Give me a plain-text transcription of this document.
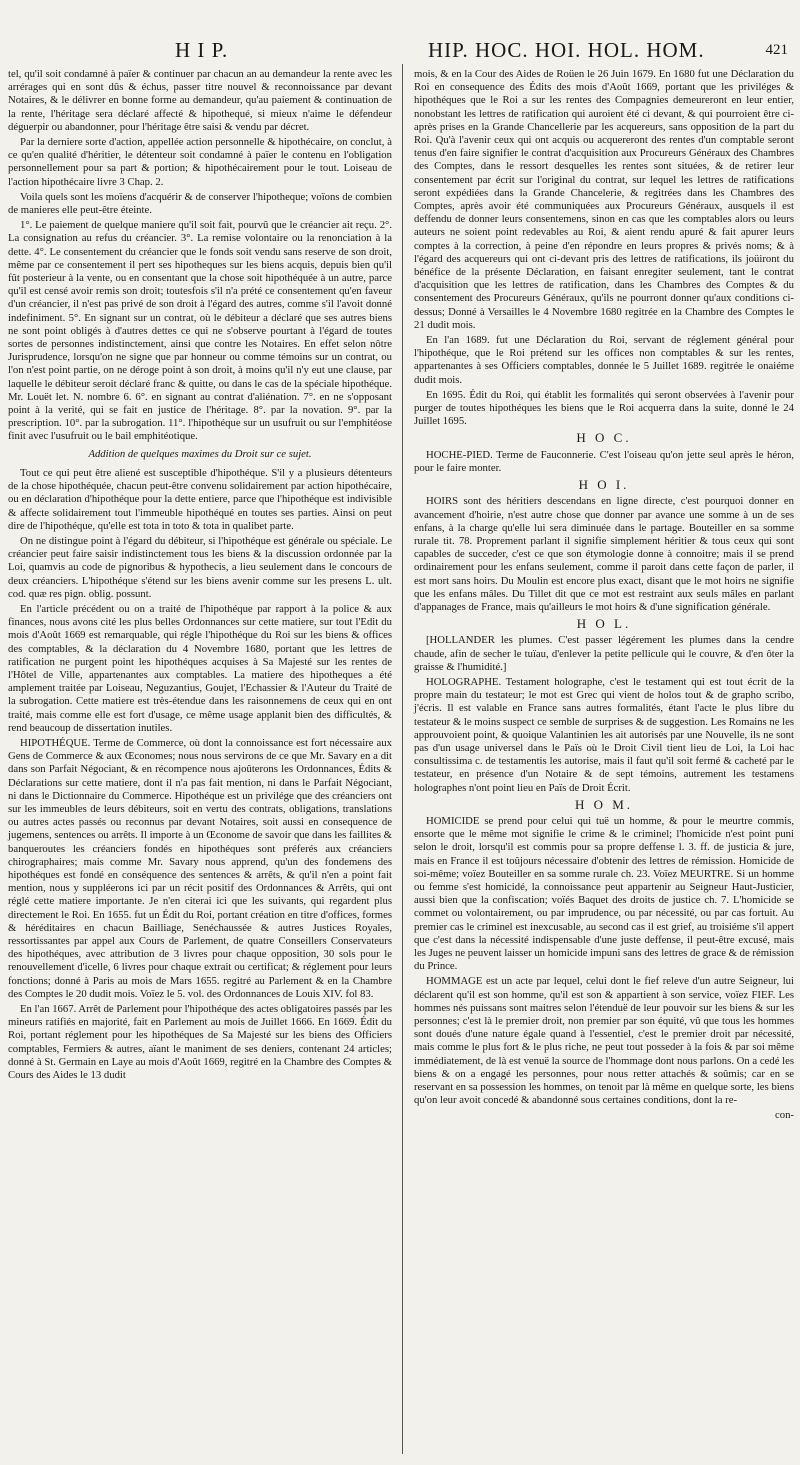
H I P.	HIP. HOC. HOI. HOL. HOM.	421

tel, qu'il soit condamné à païer & continuer par chacun an au demandeur la rente avec les arrérages qui en sont dûs & échus, passer titre nouvel & reconnoissance par devant Notaires, & le délivrer en bonne forme au demandeur, qu'au paiement & continuation de la rente, l'héritage sera déclaré affecté & hipothequé, si mieux n'aime le défendeur déguerpir ou abandonner, pour l'héritage être saisi & vendu par décret.

Par la derniere sorte d'action, appellée action personnelle & hipothécaire, on conclut, à ce qu'en qualité d'héritier, le détenteur soit condamné à païer le contenu en l'obligation personnellement pour sa part & portion; & hipothécairement pour le tout. Loiseau de l'action hipothécaire livre 3 Chap. 2.

Voila quels sont les moïens d'acquérir & de conserver l'hipotheque; voïons de combien de manieres elle peut-être éteinte.

1°. Le paiement de quelque maniere qu'il soit fait, pourvû que le créancier ait reçu. 2°. La consignation au refus du créancier. 3°. La remise volontaire ou la renonciation à la dette. 4°. Le consentement du créancier que le fonds soit vendu sans reserve de son droit, même par ce consentement il pert ses hipotheques sur les biens acquis, depuis bien qu'il fût posterieur à la vente, ou en consentant que la chose soit hipothéquée à un autre, parce qu'il est censé avoir remis son droit; toutesfois s'il n'a prété ce consentement qu'en faveur d'un créancier, il n'est pas privé de son droit à l'égard des autres, comme s'il l'avoit donné indefiniment. 5°. En signant sur un contrat, où le débiteur a déclaré que ses autres biens ne sont point obligés à d'autres dettes ce qui ne s'observe pourtant à l'égard de toutes sortes de personnes indistinctement, ainsi que contre les Notaires. En effet selon nôtre Jurisprudence, lorsqu'on ne signe que par honneur ou comme témoins sur un contrat, ou l'on n'est point partie, on ne déroge point à son droit, à moins qu'il n'y eut une clause, par laquelle le débiteur seroit déclaré franc & quitte, ou dans le cas de la spéciale hipothéque. Mr. Louët let. N. nombre 6. 6°. en signant au contrat d'aliénation. 7°. en ne s'opposant point à la verité, qui se fait en justice de l'héritage. 8°. par la novation. 9°. par la prescription. 10°. par la subrogation. 11°. l'hipothéque sur un usufruit ou sur l'emphitéose finit avec l'usufruit ou le bail emphitéotique.

Addition de quelques maximes du Droit sur ce sujet.

Tout ce qui peut être aliené est susceptible d'hipothéque. S'il y a plusieurs détenteurs de la chose hipothéquée, chacun peut-être convenu solidairement par action hipothécaire, ou en déclaration d'hipothéque pour la dette entiere, parce que l'hipothéque est indivisible & affecte solidairement tout l'immeuble hipothéqué en toutes ses parties. Ainsi on peut dire de l'hipothéque, qu'elle est tota in toto & tota in qualibet parte.

On ne distingue point à l'égard du débiteur, si l'hipothéque est générale ou spéciale. Le créancier peut faire saisir indistinctement tous les biens & la discussion ordonnée par la Loi, quamvis au code de pignoribus & hypothecis, a lieu seulement dans le concours de deux créanciers. L'hipothéque s'étend sur les biens avenir comme sur les presens L. ult. cod. quæ res pign. oblig. possunt.

En l'article précédent ou on a traité de l'hipothéque par rapport à la police & aux finances, nous avons cité les plus belles Ordonnances sur cette matiere, sur tout l'Edit du mois d'Août 1669 est remarquable, qui régle l'hipothéque du Roi sur les biens & offices des comptables, & la déclaration du 4 Novembre 1680, portant que les lettres de ratification ne purgent point les hipothéques acquises à Sa Majesté sur les rentes de l'Hôtel de Ville, appartenantes aux comptables. La matiere des hipotheques a été amplement traitée par Loiseau, Neguzantius, Goujet, l'Echassier & l'Auteur du Traité de la subrogation. Cette matiere est très-étendue dans les raisonnemens de ceux qui en ont traité, mais comme elle est fort d'usage, ce même usage applanit bien des difficultés, & rend beaucoup de dissertation inutiles.

HIPOTHÉQUE. Terme de Commerce, où dont la connoissance est fort nécessaire aux Gens de Commerce & aux Œconomes; nous nous servirons de ce que Mr. Savary en a dit dans son Parfait Négociant, & en récompence nous ajoûterons les Ordonnances, Édits & Déclarations sur cette matiere, dont il n'a pas fait mention, ni dans le Parfait Négociant, ni dans le Dictionnaire du Commerce. Hipothéque est un privilége que des créanciers ont sur les immeubles de leurs débiteurs, soit en vertu des contrats, obligations, translations ou autres actes passés ou reconnus par devant Notaires, soit aussi en consequence de jugemens, sentences ou arrêts. Il importe à un Œconome de savoir que dans les faillites & banqueroutes les créanciers fondés en hipothéques sont préferés aux créanciers chirographaires; mais comme Mr. Savary nous apprend, qu'un des fondemens des hipothéques est fondé en conséquence des sentences & arrêts, & qu'il n'en a point fait mention, nous y suppléerons ici par un récit positif des Ordonnances & Arrêts, qui ont réglé cette matiere importante. Je n'en citerai ici que les suivants, qui regardent plus directement le Roi. En 1655. fut un Édit du Roi, portant création en titre d'offices, formes & héréditaires en chacun Bailliage, Senéchaussée & autres Justices Royales, ressortissantes par appel aux Cours de Parlement, de quatre Conseillers Conservateurs des hipothéques, avec attribution de 3 livres pour chaque opposition, 30 sols pour le renouvellement d'icelle, 6 livres pour chaque extrait ou certificat; & réglement pour leurs fonctions; donné à Paris au mois de Mars 1655. regitré au Parlement & en la Chambre des Comptes le 20 dudit mois. Voïez le 5. vol. des Ordonnances de Louis XIV. fol 83.

En l'an 1667. Arrêt de Parlement pour l'hipothéque des actes obligatoires passés par les mineurs ratifiés en majorité, fait en Parlement au mois de Juillet 1666. En 1669. Édit du Roi, portant réglement pour les hipothéques de Sa Majesté sur les biens des Officiers comptables, Fermiers & autres, aïant le maniment de ses deniers, contenant 24 articles; donné à St. Germain en Laye au mois d'Août 1669, regitré en la Chambre des Comptes & Cours des Aides le 13 dudit

mois, & en la Cour des Aides de Roüen le 26 Juin 1679. En 1680 fut une Déclaration du Roi en consequence des Édits des mois d'Août 1669, portant que les priviléges & hipothéques que le Roi a sur les rentes des Compagnies demeureront en leur entier, nonobstant les lettres de ratification qui auroient été ci devant, & qui pourroient être ci-après prises en la Grande Chancellerie par les acquereurs, sans opposition de la part du Roi. Qu'à l'avenir ceux qui ont acquis ou acquereront des rentes d'un comptable seront tenus d'en faire signifier le contrat d'acquisition aux Procureurs Généraux des Chambres des Comptes, dans le ressort desquelles les rentes sont situées, & de retirer leur consentement par écrit sur l'original du contrat, sur lequel les lettres de ratifications seront expédiées dans la Grande Chancelerie, & regitrées dans les Chambres des Comptes, après avoir été communiquées aux Procureurs Généraux, ausquels il est deffendu de donner leurs consentemens, sinon en cas que les comptables alors ou leurs auteurs ne soient point redevables au Roi, & aient rendu apuré & fait apurer leurs comptes à la correction, à peine d'en répondre en leurs propres & privés noms; & à l'égard des acquereurs qui ont ci-devant pris des lettres de ratifications, ils joüiront du bénéfice de la présente Déclaration, en faisant enregiter seulement, tant le contrat d'acquisition que les lettres de ratification, dans les Chambres des Comptes & du consentement des Procureurs Généraux, qu'ils ne pourront donner qu'aux conditions ci-dessus; Donné à Versailles le 4 Novembre 1680 regitrée en la Chambre des Comptes le 21 dudit mois.

En l'an 1689. fut une Déclaration du Roi, servant de réglement général pour l'hipothéque, que le Roi prétend sur les offices non comptables & sur les rentes, appartenantes à ses Officiers comptables, donnée le 5 Juillet 1689. regitrée le onaiéme dudit mois.

En 1695. Édit du Roi, qui établit les formalités qui seront observées à l'avenir pour purger de toutes hipothéques les biens que le Roi acquerra dans la suite, donné le 24 Juillet 1695.

H O C.

HOCHE-PIED. Terme de Fauconnerie. C'est l'oiseau qu'on jette seul après le héron, pour le faire monter.

H O I.

HOIRS sont des héritiers descendans en ligne directe, c'est pourquoi donner en avancement d'hoirie, n'est autre chose que donner par avance une somme à un de ses enfans, à la charge qu'elle lui sera diminuée dans le partage. Bouteiller en sa somme rurale tit. 78. Proprement parlant il signifie simplement héritier & tous ceux qui sont capables de succeder, c'est ce que son étymologie donne à connoitre; mais il se prend ordinairement pour les enfans seulement, comme il paroit dans cette façon de parler, il est mort sans hoirs. Du Moulin est encore plus exact, disant que le mot hoirs ne signifie que les enfans mâles. Du Tillet dit que ce mot est restraint aux seuls mâles en parlant d'appanages de France, mais qu'ailleurs le mot hoirs & d'une signification générale.

H O L.

[HOLLANDER les plumes. C'est passer légérement les plumes dans la cendre chaude, afin de secher le tuïau, d'enlever la petite pellicule qui le couvre, & d'en ôter la graisse & l'humidité.]

HOLOGRAPHE. Testament holographe, c'est le testament qui est tout écrit de la propre main du testateur; le mot est Grec qui vient de holos tout & de grapho scribo, j'écris. Il est valable en France sans autres formalités, étant l'acte le plus libre du testateur & le moins suspect ce semble de surprises & de suggestion. Les Romains ne les approuvoient point, & quoique Valantinien les ait autorisés par une Nouvelle, ils ne sont pas d'un usage universel dans le Païs où le Droit Civil tient lieu de Loi, la Loi hac consultissima c. de testamentis les autorise, mais il faut qu'il soit fermé & cacheté par le testateur, en présence d'un Notaire & de sept témoins, autrement les testamens holographes n'ont point lieu en Païs de Droit Écrit.

H O M.

HOMICIDE se prend pour celui qui tuë un homme, & pour le meurtre commis, ensorte que le même mot signifie le crime & le criminel; l'homicide n'est point puni selon le droit, lorsqu'il est commis pour sa propre deffense l. 3. ff. de justicia & jure, mais en France il est toûjours nécessaire d'obtenir des lettres de rémission. Homicide de soi-même; voïez Bouteiller en sa somme rurale ch. 23. Voïez MEURTRE. Si un homme ou femme s'est homicidé, la connoissance peut appartenir au Seigneur Haut-Justicier, aussi bien que la confiscation; voïés Baquet des droits de justice ch. 7. L'homicide se commet ou volontairement, ou par imprudence, ou par nécessité, ou par cas fortuit. Au premier cas le criminel est inexcusable, au second cas il est grief, au troisiéme s'il appert que c'est dans la nécessité indispensable d'une juste deffense, il peut-être excusé, mais les Juges ne peuvent laisser un homicide impuni sans des lettres de grace & de rémission du Prince.

HOMMAGE est un acte par lequel, celui dont le fief releve d'un autre Seigneur, lui déclarent qu'il est son homme, qu'il est son & appartient à son service, voïez FIEF. Les hommes nés puissans sont maitres selon l'étenduë de leur pouvoir sur les biens & sur les personnes; c'est là le premier droit, non premier par son équité, vû que tous les hommes sont doués d'une nature égale quand à l'essentiel, c'est le premier droit par nécessité, mais comme le plus fort & le plus riche, ne peut tout posseder à la fois & par soi même immédiatement, de là est venuë la source de l'hommage dont nous parlons. On a cedé les biens & on a engagé les personnes, pour nous retter attachés & soûmis; car en se reservant en sa possession les hommes, on tenoit par là même en quelque sorte, les biens qu'on leur avoit concedé & abandonné sous certaines conditions, dont la re-

con-
